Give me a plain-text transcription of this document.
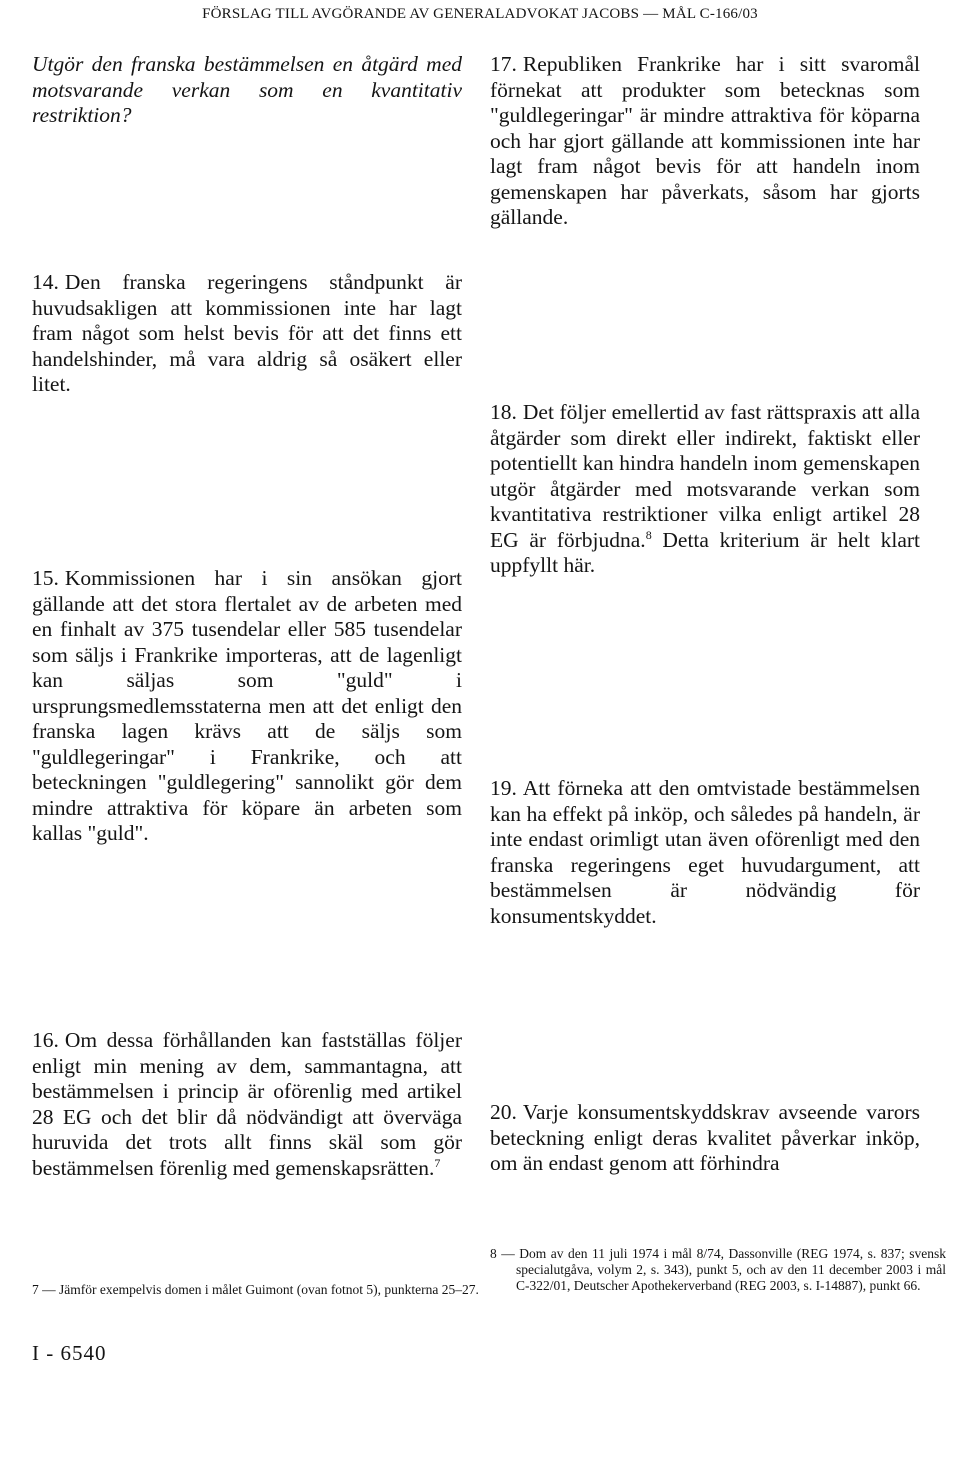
FÖRSLAG TILL AVGÖRANDE AV GENERALADVOKAT JACOBS — MÅL C-166/03
Utgör den franska bestämmelsen en åtgärd med motsvarande verkan som en kvantitativ restriktion?
14. Den franska regeringens ståndpunkt är huvudsakligen att kommissionen inte har lagt fram något som helst bevis för att det finns ett handelshinder, må vara aldrig så osäkert eller litet.
15. Kommissionen har i sin ansökan gjort gällande att det stora flertalet av de arbeten med en finhalt av 375 tusendelar eller 585 tusendelar som säljs i Frankrike importeras, att de lagenligt kan säljas som "guld" i ursprungsmedlemsstaterna men att det enligt den franska lagen krävs att de säljs som "guldlegeringar" i Frankrike, och att beteckningen "guldlegering" sannolikt gör dem mindre attraktiva för köpare än arbeten som kallas "guld".
16. Om dessa förhållanden kan fastställas följer enligt min mening av dem, sammantagna, att bestämmelsen i princip är oförenlig med artikel 28 EG och det blir då nödvändigt att överväga huruvida det trots allt finns skäl som gör bestämmelsen förenlig med gemenskapsrätten.$^7$
17. Republiken Frankrike har i sitt svaromål förnekat att produkter som betecknas som "guldlegeringar" är mindre attraktiva för köparna och har gjort gällande att kommissionen inte har lagt fram något bevis för att handeln inom gemenskapen har påverkats, såsom har gjorts gällande.
18. Det följer emellertid av fast rättspraxis att alla åtgärder som direkt eller indirekt, faktiskt eller potentiellt kan hindra handeln inom gemenskapen utgör åtgärder med motsvarande verkan som kvantitativa restriktioner vilka enligt artikel 28 EG är förbjudna.$^8$ Detta kriterium är helt klart uppfyllt här.
19. Att förneka att den omtvistade bestämmelsen kan ha effekt på inköp, och således på handeln, är inte endast orimligt utan även oförenligt med den franska regeringens eget huvudargument, att bestämmelsen är nödvändig för konsumentskyddet.
20. Varje konsumentskyddskrav avseende varors beteckning enligt deras kvalitet påverkar inköp, om än endast genom att förhindra
7 — Jämför exempelvis domen i målet Guimont (ovan fotnot 5), punkterna 25–27.
8 — Dom av den 11 juli 1974 i mål 8/74, Dassonville (REG 1974, s. 837; svensk specialutgåva, volym 2, s. 343), punkt 5, och av den 11 december 2003 i mål C-322/01, Deutscher Apothekerverband (REG 2003, s. I-14887), punkt 66.
I - 6540
